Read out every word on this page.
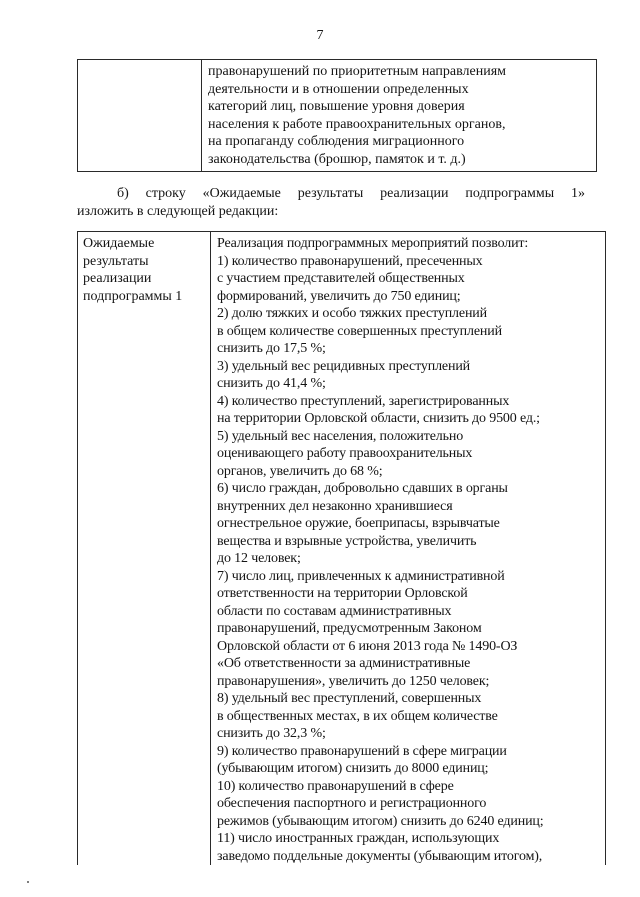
7

правонарушений по приоритетным направлениям
деятельности и в отношении определенных
категорий лиц, повышение уровня доверия
населения к работе правоохранительных органов,
на пропаганду соблюдения миграционного
законодательства (брошюр, памяток и т. д.)
б) строку «Ожидаемые результаты реализации подпрограммы 1»
изложить в следующей редакции:
Ожидаемые
результаты
реализации
подпрограммы 1

Реализация подпрограммных мероприятий позволит:
1) количество правонарушений, пресеченных
с участием представителей общественных
формирований, увеличить до 750 единиц;
2) долю тяжких и особо тяжких преступлений
в общем количестве совершенных преступлений
снизить до 17,5 %;
3) удельный вес рецидивных преступлений
снизить до 41,4 %;
4) количество преступлений, зарегистрированных
на территории Орловской области, снизить до 9500 ед.;
5) удельный вес населения, положительно
оценивающего работу правоохранительных
органов, увеличить до 68 %;
6) число граждан, добровольно сдавших в органы
внутренних дел незаконно хранившиеся
огнестрельное оружие, боеприпасы, взрывчатые
вещества и взрывные устройства, увеличить
до 12 человек;
7) число лиц, привлеченных к административной
ответственности на территории Орловской
области по составам административных
правонарушений, предусмотренным Законом
Орловской области от 6 июня 2013 года № 1490-ОЗ
«Об ответственности за административные
правонарушения», увеличить до 1250 человек;
8) удельный вес преступлений, совершенных
в общественных местах, в их общем количестве
снизить до 32,3 %;
9) количество правонарушений в сфере миграции
(убывающим итогом) снизить до 8000 единиц;
10) количество правонарушений в сфере
обеспечения паспортного и регистрационного
режимов (убывающим итогом) снизить до 6240 единиц;
11) число иностранных граждан, использующих
заведомо поддельные документы (убывающим итогом),
